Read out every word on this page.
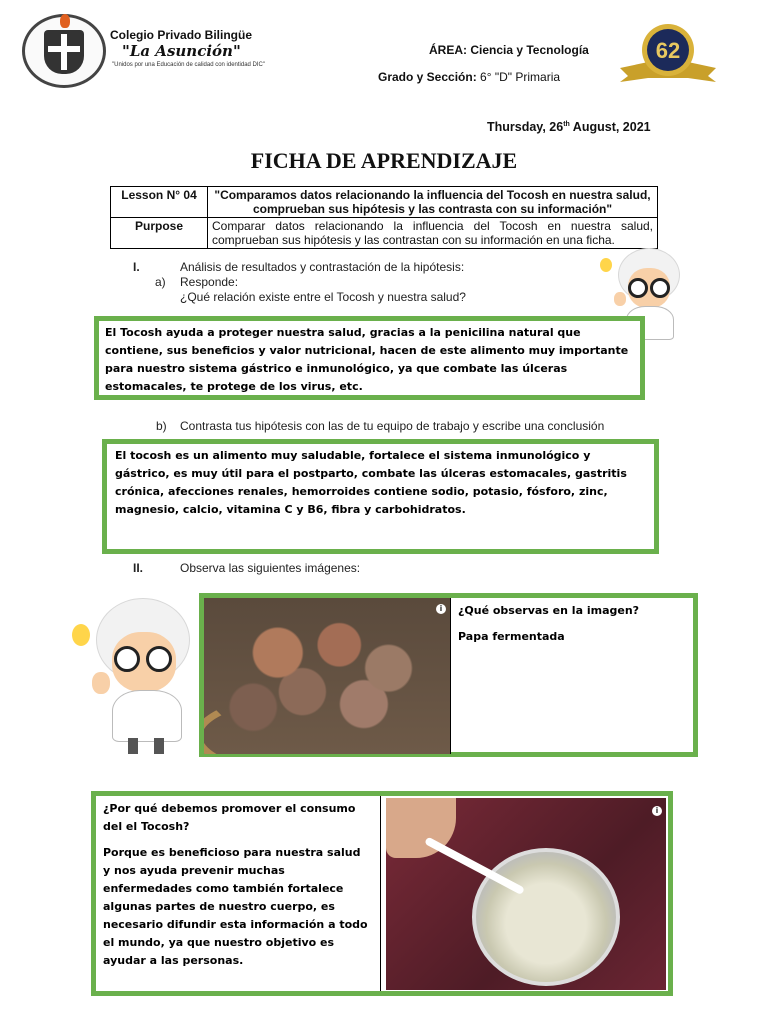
Colegio Privado Bilingüe
"La Asunción"
"Unidos por una Educación de calidad con identidad DIC"
ÁREA: Ciencia y Tecnología
Grado y Sección: 6° "D" Primaria
62
Thursday, 26th August, 2021
FICHA DE APRENDIZAJE
Lesson N° 04	"Comparamos datos relacionando la influencia del Tocosh en nuestra salud, comprueban sus hipótesis y las contrasta con su información"
Purpose	Comparar datos relacionando la influencia del Tocosh en nuestra salud, comprueban sus hipótesis y las contrastan con su información en una ficha.
I.	Análisis de resultados y contrastación de la hipótesis:
a) Responde:
¿Qué relación existe entre el Tocosh y nuestra salud?
El Tocosh ayuda a proteger nuestra salud, gracias a la penicilina natural que contiene, sus beneficios y valor nutricional, hacen de este alimento muy importante para nuestro sistema gástrico e inmunológico, ya que combate las úlceras estomacales, te protege de los virus, etc.
b) Contrasta tus hipótesis con las de tu equipo de trabajo y escribe una conclusión
El tocosh es un alimento muy saludable, fortalece el sistema inmunológico y gástrico, es muy útil para el postparto, combate las úlceras estomacales, gastritis crónica, afecciones renales, hemorroides contiene sodio, potasio, fósforo, zinc, magnesio, calcio, vitamina C y B6, fibra y carbohidratos.
II.	Observa las siguientes imágenes:
i	¿Qué observas en la imagen?
Papa fermentada
¿Por qué debemos promover el consumo del el Tocosh?
Porque es beneficioso para nuestra salud y nos ayuda prevenir muchas enfermedades como también fortalece algunas partes de nuestro cuerpo, es necesario difundir esta información a todo el mundo, ya que nuestro objetivo es ayudar a las personas.
i
